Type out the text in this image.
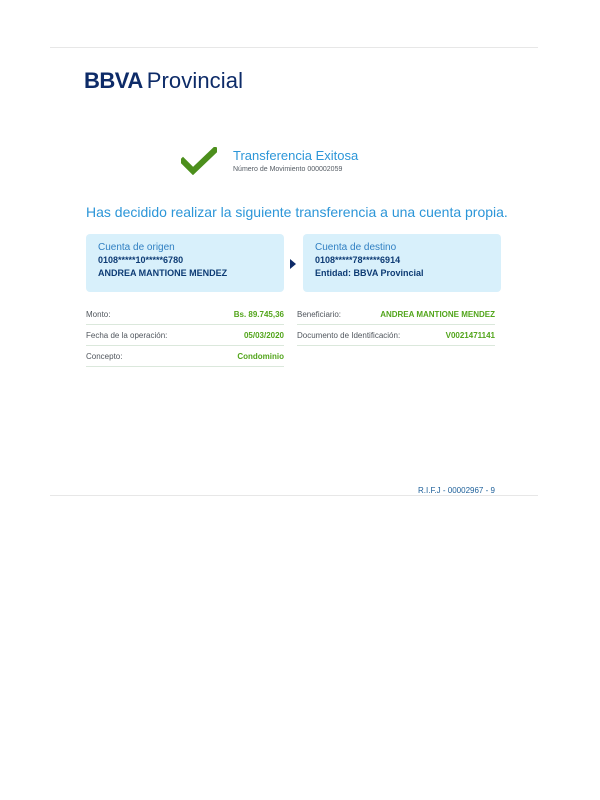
BBVA Provincial
Transferencia Exitosa
Número de Movimiento 000002059
Has decidido realizar la siguiente transferencia a una cuenta propia.
Cuenta de origen
0108*****10*****6780
ANDREA MANTIONE MENDEZ
Cuenta de destino
0108*****78*****6914
Entidad: BBVA Provincial
Monto:	Bs. 89.745,36
Fecha de la operación:	05/03/2020
Concepto:	Condominio
Beneficiario:	ANDREA MANTIONE MENDEZ
Documento de Identificación:	V0021471141
R.I.F.J - 00002967 - 9
